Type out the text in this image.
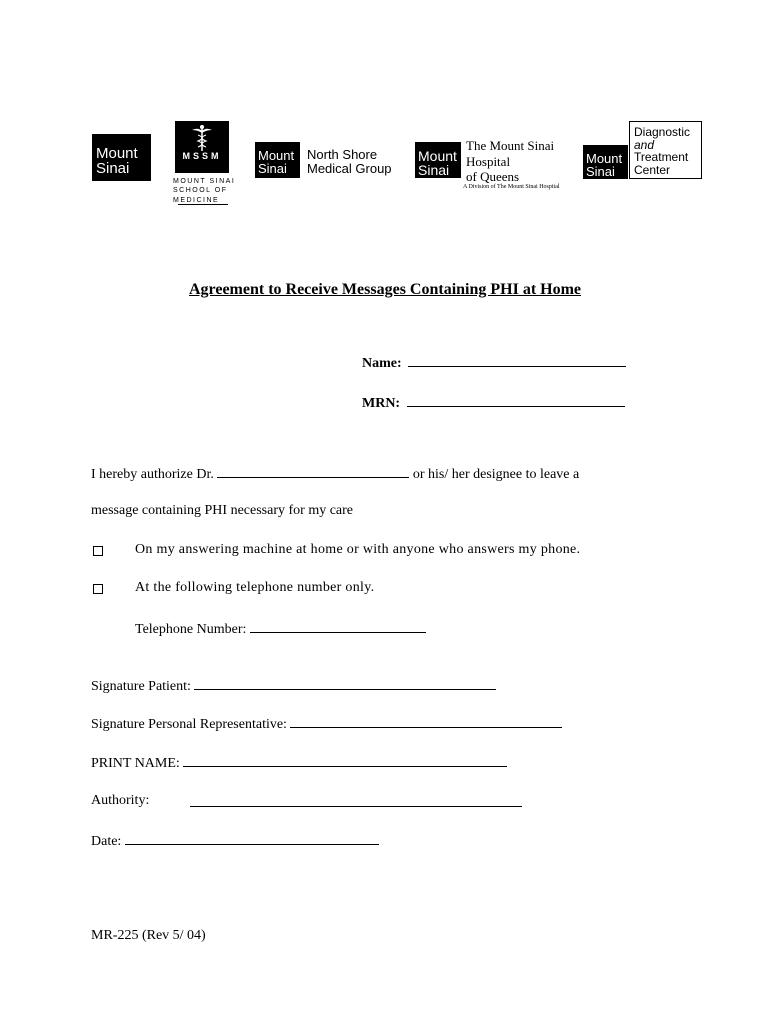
Mount
Sinai
MSSM
MOUNT SINAI
SCHOOL OF
MEDICINE
Mount
Sinai
North Shore
Medical Group
Mount
Sinai
The Mount Sinai
Hospital
of Queens
A Division of The Mount Sinai Hospital
Mount
Sinai
Diagnostic
and
Treatment
Center
Agreement to Receive Messages Containing PHI at Home
Name:
MRN:
I hereby authorize Dr.	or his/ her designee to leave a
message containing PHI necessary for my care
On my answering machine at home or with anyone who answers my phone.
At the following telephone number only.
Telephone Number:
Signature Patient:
Signature Personal Representative:
PRINT NAME:
Authority:
Date:
MR-225 (Rev 5/ 04)
